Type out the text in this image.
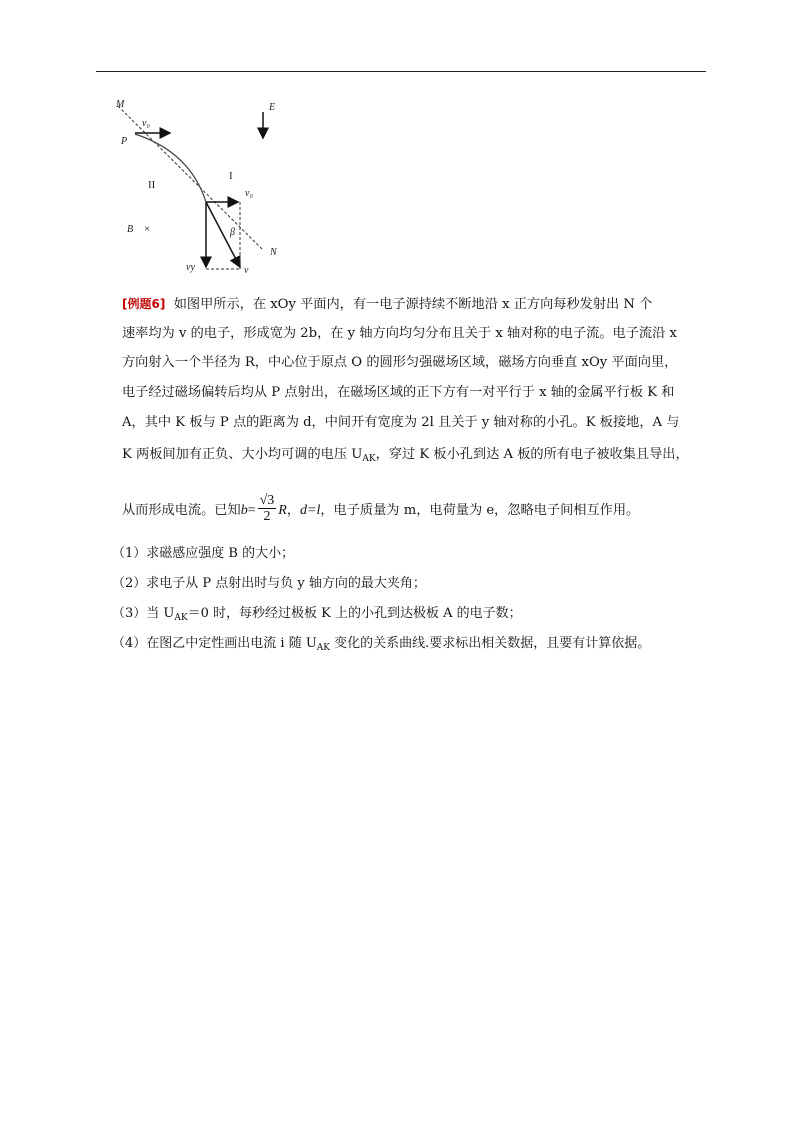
M
P
v₀
E
I
II
v₀
β
B ×
N
vy	v
[例题6] 如图甲所示，在 xOy 平面内，有一电子源持续不断地沿 x 正方向每秒发射出 N 个
速率均为 v 的电子，形成宽为 2b，在 y 轴方向均匀分布且关于 x 轴对称的电子流。电子流沿 x
方向射入一个半径为 R，中心位于原点 O 的圆形匀强磁场区域，磁场方向垂直 xOy 平面向里，
电子经过磁场偏转后均从 P 点射出，在磁场区域的正下方有一对平行于 x 轴的金属平行板 K 和
A，其中 K 板与 P 点的距离为 d，中间开有宽度为 2l 且关于 y 轴对称的小孔。K 板接地，A 与
K 两板间加有正负、大小均可调的电压 $U_{AK}$，穿过 K 板小孔到达 A 板的所有电子被收集且导出，
从而形成电流。已知$b= \frac{√3}{2}$ R，d=l，电子质量为 m，电荷量为 e，忽略电子间相互作用。
（1）求磁感应强度 B 的大小；
（2）求电子从 P 点射出时与负 y 轴方向的最大夹角；
（3）当 $U_{AK}=0$ 时，每秒经过极板 K 上的小孔到达极板 A 的电子数；
（4）在图乙中定性画出电流 i 随 $U_{AK}$ 变化的关系曲线.要求标出相关数据，且要有计算依据。
